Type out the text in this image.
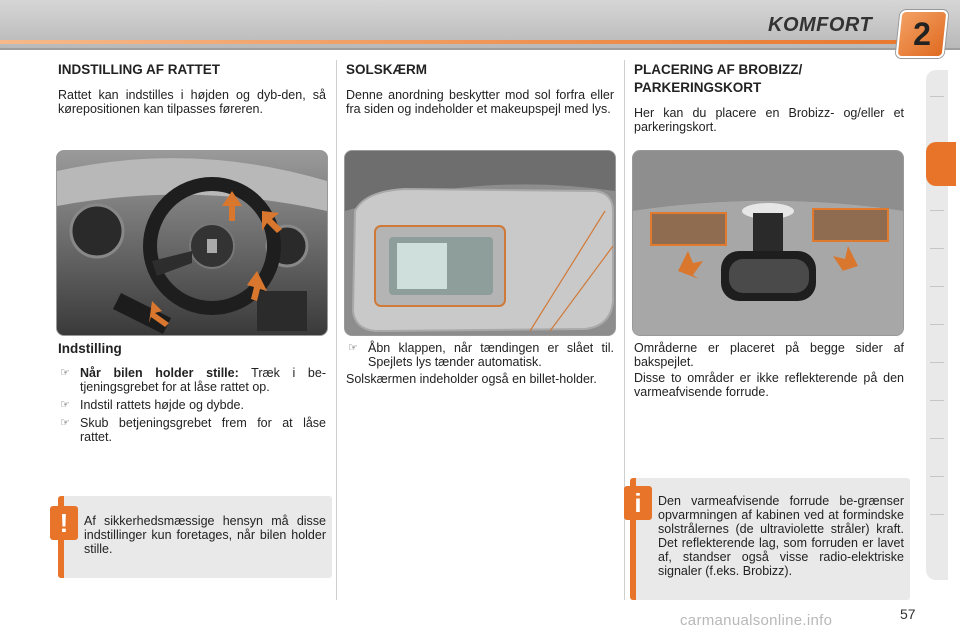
KOMFORT	2
INDSTILLING AF RATTET

Rattet kan indstilles i højden og dyb-den, så kørepositionen kan tilpasses føreren.

Indstilling
☞ Når bilen holder stille: Træk i be-tjeningsgrebet for at låse rattet op.
☞ Indstil rattets højde og dybde.
☞ Skub betjeningsgrebet frem for at låse rattet.

Af sikkerhedsmæssige hensyn må disse indstillinger kun foretages, når bilen holder stille.

!
SOLSKÆRM

Denne anordning beskytter mod sol forfra eller fra siden og indeholder et makeupspejl med lys.

☞ Åbn klappen, når tændingen er slået til. Spejlets lys tænder automatisk.

Solskærmen indeholder også en billet-holder.

PLACERING AF BROBIZZ/
PARKERINGSKORT

Her kan du placere en Brobizz- og/eller et parkeringskort.

Områderne er placeret på begge sider af bakspejlet.

Disse to områder er ikke reflekterende på den varmeafvisende forrude.

Den varmeafvisende forrude be-grænser opvarmningen af kabinen ved at formindske solstrålernes (de ultraviolette stråler) kraft. Det reflekterende lag, som forruden er lavet af, standser også visse radio-elektriske signaler (f.eks. Brobizz).

i
57
carmanualsonline.info
